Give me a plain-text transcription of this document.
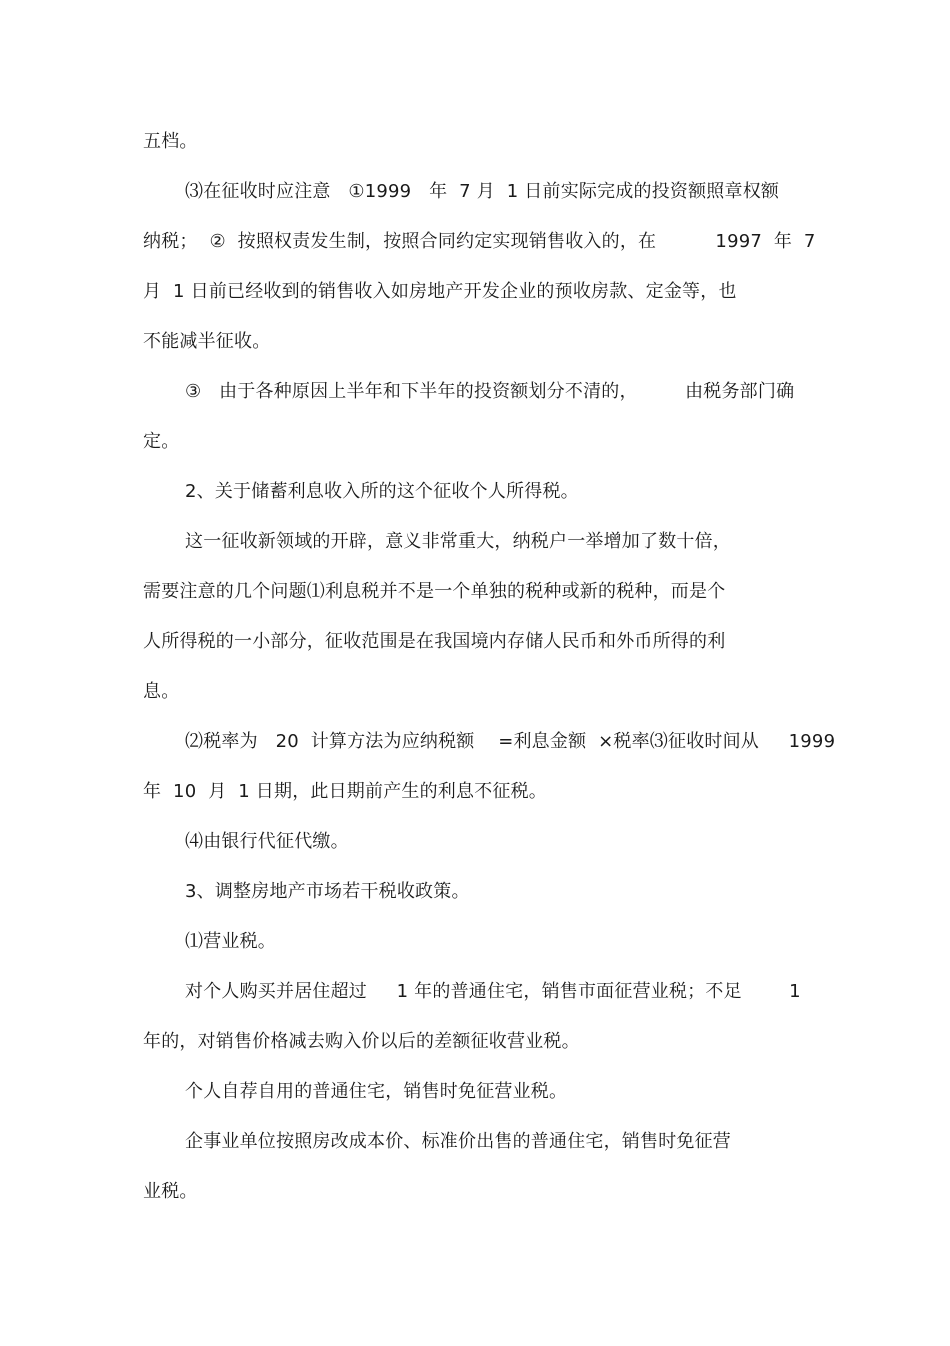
五档。
⑶在征收时应注意   ①1999   年  7 月  1 日前实际完成的投资额照章权额
纳税；  ②  按照权责发生制，按照合同约定实现销售收入的，在          1997  年  7
月  1 日前已经收到的销售收入如房地产开发企业的预收房款、定金等，也
不能减半征收。
③   由于各种原因上半年和下半年的投资额划分不清的，        由税务部门确
定。
2、关于储蓄利息收入所的这个征收个人所得税。
这一征收新领域的开辟，意义非常重大，纳税户一举增加了数十倍，
需要注意的几个问题⑴利息税并不是一个单独的税种或新的税种，而是个
人所得税的一小部分，征收范围是在我国境内存储人民币和外币所得的利
息。
⑵税率为   20  计算方法为应纳税额    =利息金额  ×税率⑶征收时间从     1999
年  10  月  1 日期，此日期前产生的利息不征税。
⑷由银行代征代缴。
3、调整房地产市场若干税收政策。
⑴营业税。
对个人购买并居住超过     1 年的普通住宅，销售市面征营业税；不足        1
年的，对销售价格减去购入价以后的差额征收营业税。
个人自荐自用的普通住宅，销售时免征营业税。
企事业单位按照房改成本价、标准价出售的普通住宅，销售时免征营
业税。
